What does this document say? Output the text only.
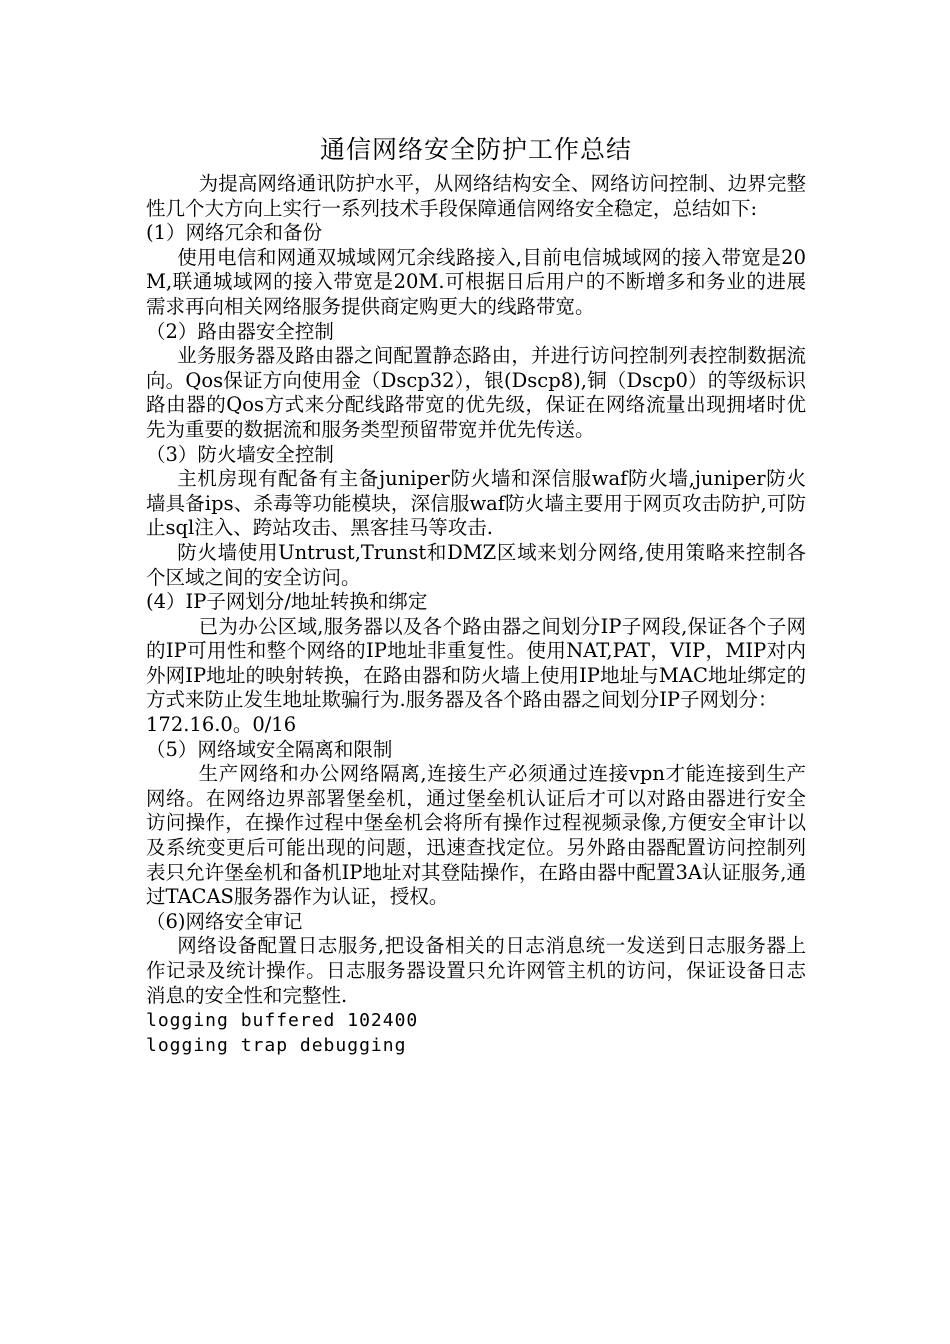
通信网络安全防护工作总结

为提高网络通讯防护水平，从网络结构安全、网络访问控制、边界完整性几个大方向上实行一系列技术手段保障通信网络安全稳定，总结如下:

(1）网络冗余和备份

使用电信和网通双城域网冗余线路接入,目前电信城域网的接入带宽是20M,联通城域网的接入带宽是20M.可根据日后用户的不断增多和务业的进展需求再向相关网络服务提供商定购更大的线路带宽。

（2）路由器安全控制

业务服务器及路由器之间配置静态路由，并进行访问控制列表控制数据流向。Qos保证方向使用金（Dscp32），银(Dscp8),铜（Dscp0）的等级标识路由器的Qos方式来分配线路带宽的优先级，保证在网络流量出现拥堵时优先为重要的数据流和服务类型预留带宽并优先传送。

（3）防火墙安全控制

主机房现有配备有主备juniper防火墙和深信服waf防火墙,juniper防火墙具备ips、杀毒等功能模块，深信服waf防火墙主要用于网页攻击防护,可防止sql注入、跨站攻击、黑客挂马等攻击.

防火墙使用Untrust,Trunst和DMZ区域来划分网络,使用策略来控制各个区域之间的安全访问。

(4）IP子网划分/地址转换和绑定

已为办公区域,服务器以及各个路由器之间划分IP子网段,保证各个子网的IP可用性和整个网络的IP地址非重复性。使用NAT,PAT，VIP，MIP对内外网IP地址的映射转换，在路由器和防火墙上使用IP地址与MAC地址绑定的方式来防止发生地址欺骗行为.服务器及各个路由器之间划分IP子网划分：

172.16.0。0/16

（5）网络域安全隔离和限制

生产网络和办公网络隔离,连接生产必须通过连接vpn才能连接到生产网络。在网络边界部署堡垒机，通过堡垒机认证后才可以对路由器进行安全访问操作，在操作过程中堡垒机会将所有操作过程视频录像,方便安全审计以及系统变更后可能出现的问题，迅速查找定位。另外路由器配置访问控制列表只允许堡垒机和备机IP地址对其登陆操作，在路由器中配置3A认证服务,通过TACAS服务器作为认证，授权。

（6)网络安全审记

网络设备配置日志服务,把设备相关的日志消息统一发送到日志服务器上作记录及统计操作。日志服务器设置只允许网管主机的访问，保证设备日志消息的安全性和完整性.

logging buffered 102400

logging trap debugging
